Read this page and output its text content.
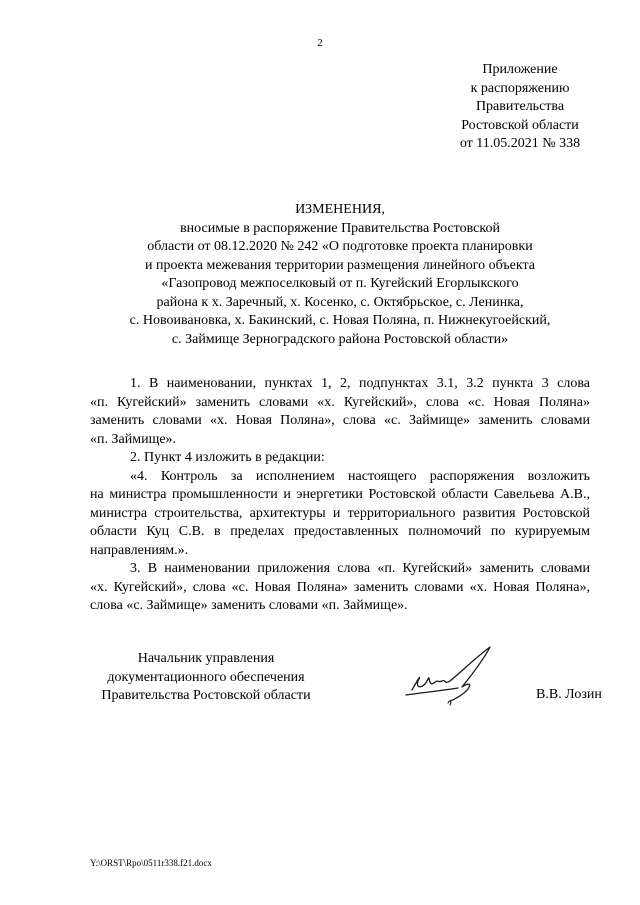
2
Приложение
к распоряжению
Правительства
Ростовской области
от 11.05.2021 № 338
ИЗМЕНЕНИЯ,
вносимые в распоряжение Правительства Ростовской
области от 08.12.2020 № 242 «О подготовке проекта планировки
и проекта межевания территории размещения линейного объекта
«Газопровод межпоселковый от п. Кугейский Егорлыкского
района к х. Заречный, х. Косенко, с. Октябрьское, с. Ленинка,
с. Новоивановка, х. Бакинский, с. Новая Поляна, п. Нижнекугоейский,
с. Займище Зерноградского района Ростовской области»
1. В наименовании, пунктах 1, 2, подпунктах 3.1, 3.2 пункта 3 слова
«п. Кугейский» заменить словами «х. Кугейский», слова «с. Новая Поляна»
заменить словами «х. Новая Поляна», слова «с. Займище» заменить словами
«п. Займище».
2. Пункт 4 изложить в редакции:
«4. Контроль за исполнением настоящего распоряжения возложить
на министра промышленности и энергетики Ростовской области Савельева А.В.,
министра строительства, архитектуры и территориального развития Ростовской
области Куц С.В. в пределах предоставленных полномочий по курируемым
направлениям.».
3. В наименовании приложения слова «п. Кугейский» заменить словами
«х. Кугейский», слова «с. Новая Поляна» заменить словами «х. Новая Поляна»,
слова «с. Займище» заменить словами «п. Займище».
Начальник управления
документационного обеспечения
Правительства Ростовской области	В.В. Лозин
Y:\ORST\Rpo\0511r338.f21.docx
